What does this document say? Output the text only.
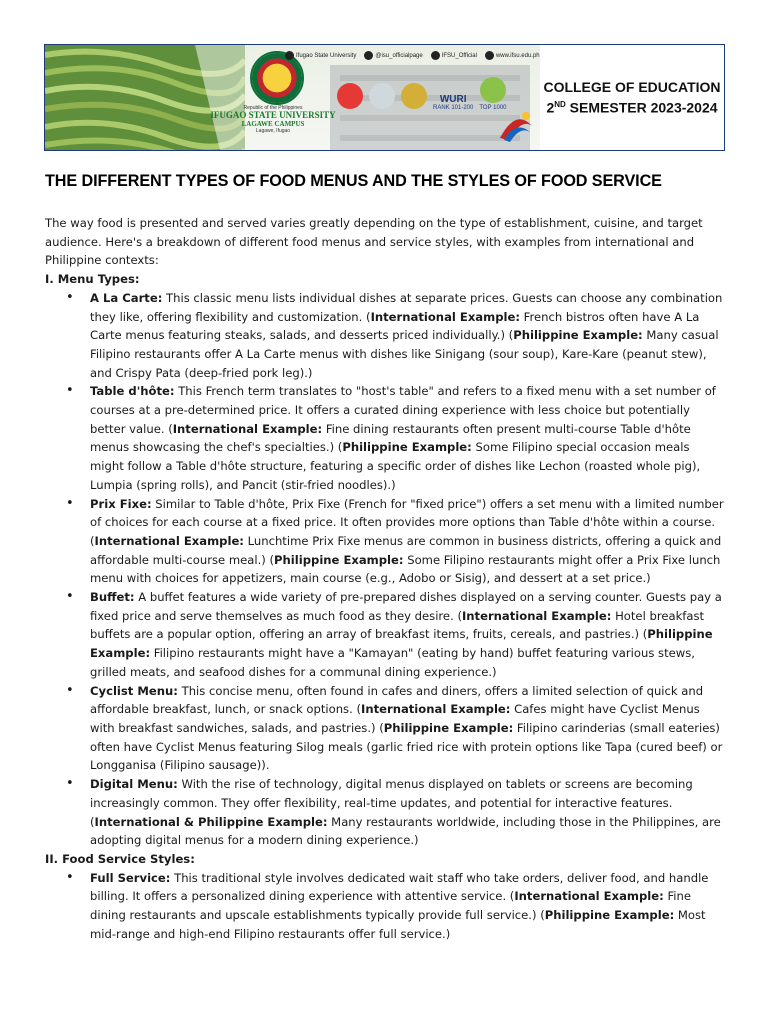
Republic of the Philippines
IFUGAO STATE UNIVERSITY
LAGAWE CAMPUS
Lagawe, Ifugao
Ifugao State University	@isu_officialpage	IFSU_Official	www.ifsu.edu.ph
WURI
RANK 101-200 TOP 1000
COLLEGE OF EDUCATION
2ND SEMESTER 2023-2024
THE DIFFERENT TYPES OF FOOD MENUS AND THE STYLES OF FOOD SERVICE

The way food is presented and served varies greatly depending on the type of establishment, cuisine, and target audience. Here's a breakdown of different food menus and service styles, with examples from international and Philippine contexts:

I. Menu Types:

• A La Carte: This classic menu lists individual dishes at separate prices. Guests can choose any combination they like, offering flexibility and customization. (International Example: French bistros often have A La Carte menus featuring steaks, salads, and desserts priced individually.) (Philippine Example: Many casual Filipino restaurants offer A La Carte menus with dishes like Sinigang (sour soup), Kare-Kare (peanut stew), and Crispy Pata (deep-fried pork leg).)
• Table d'hôte: This French term translates to "host's table" and refers to a fixed menu with a set number of courses at a pre-determined price. It offers a curated dining experience with less choice but potentially better value. (International Example: Fine dining restaurants often present multi-course Table d'hôte menus showcasing the chef's specialties.) (Philippine Example: Some Filipino special occasion meals might follow a Table d'hôte structure, featuring a specific order of dishes like Lechon (roasted whole pig), Lumpia (spring rolls), and Pancit (stir-fried noodles).)
• Prix Fixe: Similar to Table d'hôte, Prix Fixe (French for "fixed price") offers a set menu with a limited number of choices for each course at a fixed price. It often provides more options than Table d'hôte within a course. (International Example: Lunchtime Prix Fixe menus are common in business districts, offering a quick and affordable multi-course meal.) (Philippine Example: Some Filipino restaurants might offer a Prix Fixe lunch menu with choices for appetizers, main course (e.g., Adobo or Sisig), and dessert at a set price.)
• Buffet: A buffet features a wide variety of pre-prepared dishes displayed on a serving counter. Guests pay a fixed price and serve themselves as much food as they desire. (International Example: Hotel breakfast buffets are a popular option, offering an array of breakfast items, fruits, cereals, and pastries.) (Philippine Example: Filipino restaurants might have a "Kamayan" (eating by hand) buffet featuring various stews, grilled meats, and seafood dishes for a communal dining experience.)
• Cyclist Menu: This concise menu, often found in cafes and diners, offers a limited selection of quick and affordable breakfast, lunch, or snack options. (International Example: Cafes might have Cyclist Menus with breakfast sandwiches, salads, and pastries.) (Philippine Example: Filipino carinderias (small eateries) often have Cyclist Menus featuring Silog meals (garlic fried rice with protein options like Tapa (cured beef) or Longganisa (Filipino sausage)).
• Digital Menu: With the rise of technology, digital menus displayed on tablets or screens are becoming increasingly common. They offer flexibility, real-time updates, and potential for interactive features. (International & Philippine Example: Many restaurants worldwide, including those in the Philippines, are adopting digital menus for a modern dining experience.)

II. Food Service Styles:

• Full Service: This traditional style involves dedicated wait staff who take orders, deliver food, and handle billing. It offers a personalized dining experience with attentive service. (International Example: Fine dining restaurants and upscale establishments typically provide full service.) (Philippine Example: Most mid-range and high-end Filipino restaurants offer full service.)
